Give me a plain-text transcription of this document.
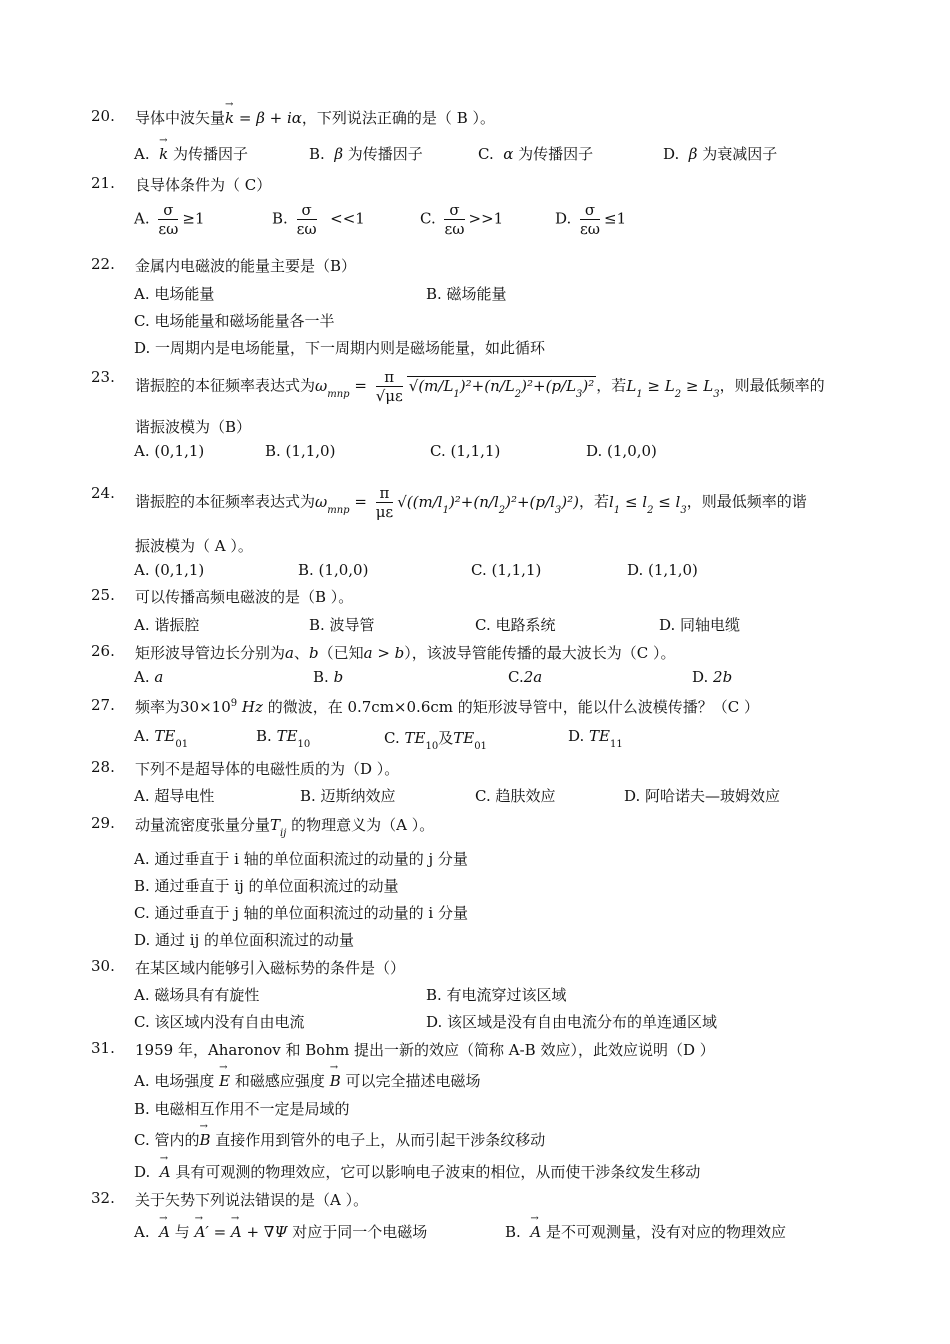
20. 导体中波矢量→ k = β + iα，下列说法正确的是（ B ）。
A.  → k 为传播因子	B.  β 为传播因子	C.  α 为传播因子	D.  β 为衰减因子
21. 良导体条件为（ C）
A. $\frac{\sigma}{\varepsilon\omega} \ge 1$	B. $\frac{\sigma}{\varepsilon\omega} <<1$	C. $\frac{\sigma}{\varepsilon\omega} >>1$	D. $\frac{\sigma}{\varepsilon\omega} \le 1$
22. 金属内电磁波的能量主要是（B）
A. 电场能量	B. 磁场能量
C. 电场能量和磁场能量各一半
D. 一周期内是电场能量，下一周期内则是磁场能量，如此循环
23. 谐振腔的本征频率表达式为$\omega_{mnp} = \frac{\pi}{√\mu\varepsilon} √(m/L_1)^2+(n/L_2)^2+(p/L_3)^2$ ，若$L_1 \ge L_2 \ge L_3$，则最低频率的
谐振波模为（B）
A. (0,1,1)	B. (1,1,0)	C. (1,1,1)	D. (1,0,0)
24. 谐振腔的本征频率表达式为$\omega_{mnp} = \frac{\pi}{\mu\varepsilon} √((m/l_1)^2+(n/l_2)^2+(p/l_3)^2)$，若$l_1 \le l_2 \le l_3$，则最低频率的谐
振波模为（ A ）。
A. (0,1,1)	B. (1,0,0)	C. (1,1,1)	D. (1,1,0)
25. 可以传播高频电磁波的是（B ）。
A. 谐振腔	B. 波导管	C. 电路系统	D. 同轴电缆
26. 矩形波导管边长分别为a、b（已知a > b），该波导管能传播的最大波长为（C ）。
A. a	B. b	C.2a	D. 2b
27. 频率为$30\times 10^9$ Hz 的微波，在 0.7cm×0.6cm 的矩形波导管中，能以什么波模传播？（C ）
A. $TE_{01}$	B. $TE_{10}$	C. $TE_{10}$及$TE_{01}$
D. $TE_{11}$
28. 下列不是超导体的电磁性质的为（D ）。
A. 超导电性	B. 迈斯纳效应	C. 趋肤效应	D. 阿哈诺夫—玻姆效应
29. 动量流密度张量分量$T_{ij}$ 的物理意义为（A ）。
A. 通过垂直于 i 轴的单位面积流过的动量的 j 分量
B. 通过垂直于 ij 的单位面积流过的动量
C. 通过垂直于 j 轴的单位面积流过的动量的 i 分量
D. 通过 ij 的单位面积流过的动量
30. 在某区域内能够引入磁标势的条件是（）
A. 磁场具有有旋性	B. 有电流穿过该区域
C. 该区域内没有自由电流	D. 该区域是没有自由电流分布的单连通区域
31. 1959 年，Aharonov 和 Bohm 提出一新的效应（简称 A-B 效应），此效应说明（D ）
A. 电场强度 → E 和磁感应强度 → B 可以完全描述电磁场
B. 电磁相互作用不一定是局域的
C. 管内的→ B 直接作用到管外的电子上，从而引起干涉条纹移动
D.  → A 具有可观测的物理效应，它可以影响电子波束的相位，从而使干涉条纹发生移动
32. 关于矢势下列说法错误的是（A ）。
A.  → A 与 → A′ = → A + ∇Ψ 对应于同一个电磁场	B.  → A 是不可观测量，没有对应的物理效应
